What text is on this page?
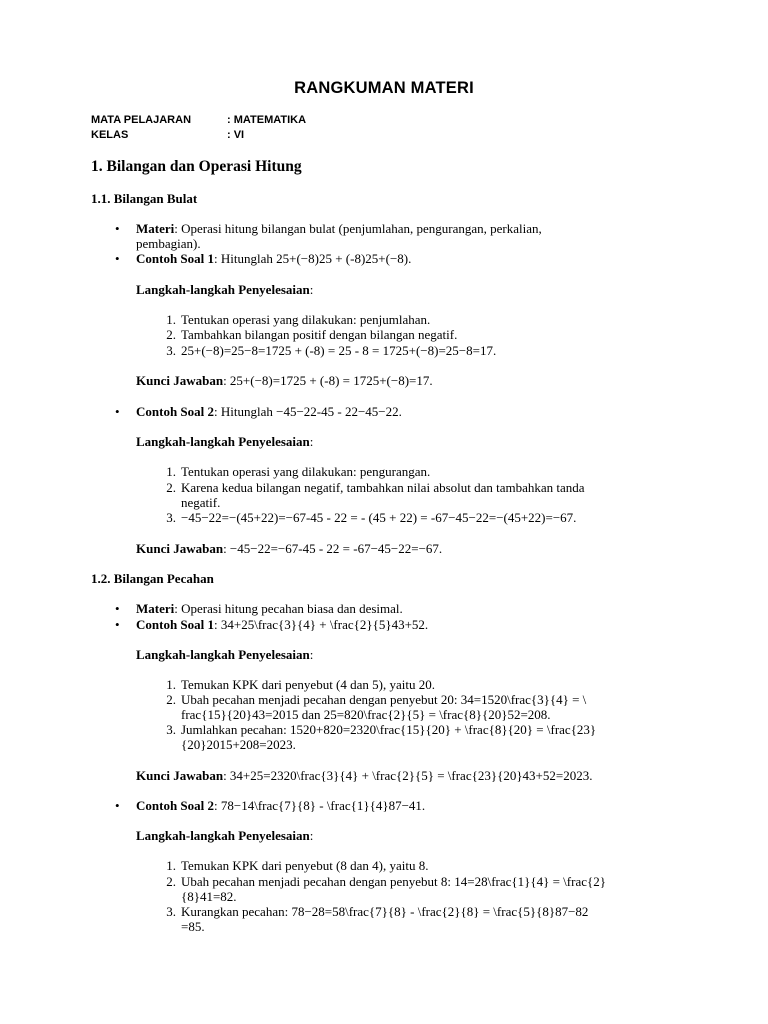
RANGKUMAN MATERI
MATA PELAJARAN	: MATEMATIKA
KELAS	: VI
1. Bilangan dan Operasi Hitung
1.1. Bilangan Bulat
• Materi: Operasi hitung bilangan bulat (penjumlahan, pengurangan, perkalian,
pembagian).
• Contoh Soal 1: Hitunglah 25+(−8)25 + (-8)25+(−8).
Langkah-langkah Penyelesaian:
1. Tentukan operasi yang dilakukan: penjumlahan.
2. Tambahkan bilangan positif dengan bilangan negatif.
3. 25+(−8)=25−8=1725 + (-8) = 25 - 8 = 1725+(−8)=25−8=17.
Kunci Jawaban: 25+(−8)=1725 + (-8) = 1725+(−8)=17.
• Contoh Soal 2: Hitunglah −45−22-45 - 22−45−22.
Langkah-langkah Penyelesaian:
1. Tentukan operasi yang dilakukan: pengurangan.
2. Karena kedua bilangan negatif, tambahkan nilai absolut dan tambahkan tanda
negatif.
3. −45−22=−(45+22)=−67-45 - 22 = - (45 + 22) = -67−45−22=−(45+22)=−67.
Kunci Jawaban: −45−22=−67-45 - 22 = -67−45−22=−67.
1.2. Bilangan Pecahan
• Materi: Operasi hitung pecahan biasa dan desimal.
• Contoh Soal 1: 34+25\frac{3}{4} + \frac{2}{5}43+52.
Langkah-langkah Penyelesaian:
1. Temukan KPK dari penyebut (4 dan 5), yaitu 20.
2. Ubah pecahan menjadi pecahan dengan penyebut 20: 34=1520\frac{3}{4} = \
frac{15}{20}43=2015 dan 25=820\frac{2}{5} = \frac{8}{20}52=208.
3. Jumlahkan pecahan: 1520+820=2320\frac{15}{20} + \frac{8}{20} = \frac{23}
{20}2015+208=2023.
Kunci Jawaban: 34+25=2320\frac{3}{4} + \frac{2}{5} = \frac{23}{20}43+52=2023.
• Contoh Soal 2: 78−14\frac{7}{8} - \frac{1}{4}87−41.
Langkah-langkah Penyelesaian:
1. Temukan KPK dari penyebut (8 dan 4), yaitu 8.
2. Ubah pecahan menjadi pecahan dengan penyebut 8: 14=28\frac{1}{4} = \frac{2}
{8}41=82.
3. Kurangkan pecahan: 78−28=58\frac{7}{8} - \frac{2}{8} = \frac{5}{8}87−82
=85.
